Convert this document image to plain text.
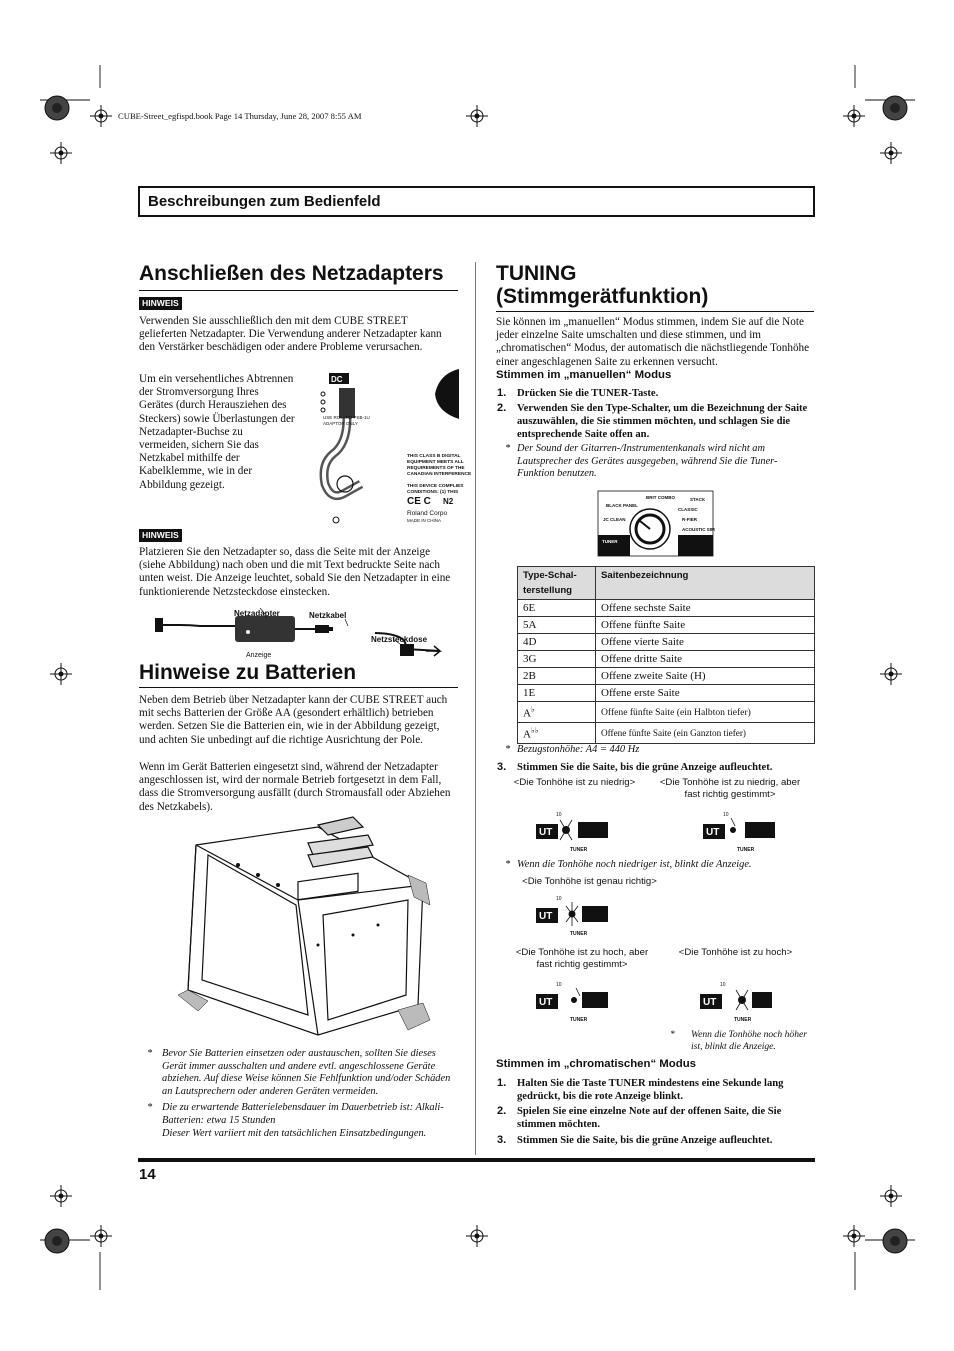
CUBE-Street_egfispd.book Page 14 Thursday, June 28, 2007 8:55 AM
Beschreibungen zum Bedienfeld
Anschließen des Netzadapters
HINWEIS
Verwenden Sie ausschließlich den mit dem CUBE STREET gelieferten Netzadapter. Die Verwendung anderer Netzadapter kann den Verstärker beschädigen oder andere Probleme verursachen.
Um ein versehentliches Abtrennen der Stromversorgung Ihres Gerätes (durch Herausziehen des Steckers) sowie Überlastungen der Netzadapter-Buchse zu vermeiden, sichern Sie das Netzkabel mithilfe der Kabelklemme, wie in der Abbildung gezeigt.
DC
USE ROLAND PSB-1U
ADAPTOR ONLY
THIS CLASS B DIGITAL
EQUIPMENT MEETS ALL
REQUIREMENTS OF THE
CANADIAN INTERFERENCE
THIS DEVICE COMPLIES
CONDITIONS: (1) THIS
CE C N2
Roland Corpo
MADE IN CHINA
HINWEIS
Platzieren Sie den Netzadapter so, dass die Seite mit der Anzeige (siehe Abbildung) nach oben und die mit Text bedruckte Seite nach unten weist. Die Anzeige leuchtet, sobald Sie den Netzadapter in eine funktionierende Netzsteckdose einstecken.
Netzadapter	Netzkabel
Netzsteckdose
Anzeige
Hinweise zu Batterien
Neben dem Betrieb über Netzadapter kann der CUBE STREET auch mit sechs Batterien der Größe AA (gesondert erhältlich) betrieben werden. Setzen Sie die Batterien ein, wie in der Abbildung gezeigt, und achten Sie unbedingt auf die richtige Ausrichtung der Pole.
Wenn im Gerät Batterien eingesetzt sind, während der Netzadapter angeschlossen ist, wird der normale Betrieb fortgesetzt in dem Fall, dass die Stromversorgung ausfällt (durch Stromausfall oder Abziehen des Netzkabels).
* Bevor Sie Batterien einsetzen oder austauschen, sollten Sie dieses Gerät immer ausschalten und andere evtl. angeschlossene Geräte abziehen. Auf diese Weise können Sie Fehlfunktion und/oder Schäden an Lautsprechern oder anderen Geräten vermeiden.
* Die zu erwartende Batterielebensdauer im Dauerbetrieb ist: Alkali-Batterien: etwa 15 Stunden
Dieser Wert variiert mit den tatsächlichen Einsatzbedingungen.
TUNING
(Stimmgerätfunktion)
Sie können im „manuellen“ Modus stimmen, indem Sie auf die Note jeder einzelne Saite umschalten und diese stimmen, und im „chromatischen“ Modus, der automatisch die nächstliegende Tonhöhe einer angeschlagenen Saite zu erkennen versucht.
Stimmen im „manuellen“ Modus
1. Drücken Sie die TUNER-Taste.
2. Verwenden Sie den Type-Schalter, um die Bezeichnung der Saite auszuwählen, die Sie stimmen möchten, und schlagen Sie die entsprechende Saite offen an.
* Der Sound der Gitarren-/Instrumentenkanals wird nicht am Lautsprecher des Gerätes ausgegeben, während Sie die Tuner-Funktion benutzen.
BLACK PANEL
JC CLEAN
BRIT COMBO	STACK
CLASSIC
R-FIER
ACOUSTIC SIM
TUNER
Type-Schal-terstellung	Saitenbezeichnung
6E	Offene sechste Saite
5A	Offene fünfte Saite
4D	Offene vierte Saite
3G	Offene dritte Saite
2B	Offene zweite Saite (H)
1E	Offene erste Saite
A♭	Offene fünfte Saite (ein Halbton tiefer)
A♭♭	Offene fünfte Saite (ein Ganzton tiefer)
* Bezugstonhöhe: A4 = 440 Hz
3. Stimmen Sie die Saite, bis die grüne Anzeige aufleuchtet.
<Die Tonhöhe ist zu niedrig>	<Die Tonhöhe ist zu niedrig, aber fast richtig gestimmt>
UT
TUNER
10
UT
TUNER
10
* Wenn die Tonhöhe noch niedriger ist, blinkt die Anzeige.
<Die Tonhöhe ist genau richtig>
UT
TUNER
10
<Die Tonhöhe ist zu hoch, aber fast richtig gestimmt>
<Die Tonhöhe ist zu hoch>
UT
TUNER
10
UT
TUNER
10
* Wenn die Tonhöhe noch höher ist, blinkt die Anzeige.
Stimmen im „chromatischen“ Modus
1. Halten Sie die Taste TUNER mindestens eine Sekunde lang gedrückt, bis die rote Anzeige blinkt.
2. Spielen Sie eine einzelne Note auf der offenen Saite, die Sie stimmen möchten.
3. Stimmen Sie die Saite, bis die grüne Anzeige aufleuchtet.
14
